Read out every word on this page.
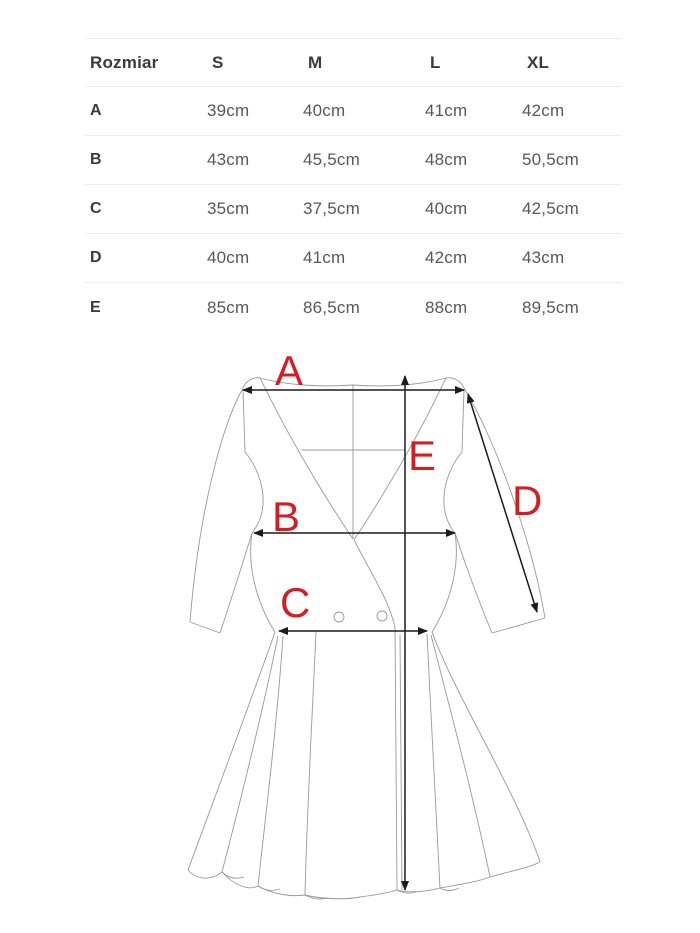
Rozmiar	S	M	L	XL
A	39cm	40cm	41cm	42cm
B	43cm	45,5cm	48cm	50,5cm
C	35cm	37,5cm	40cm	42,5cm
D	40cm	41cm	42cm	43cm
E	85cm	86,5cm	88cm	89,5cm
A
B
C
D
E
